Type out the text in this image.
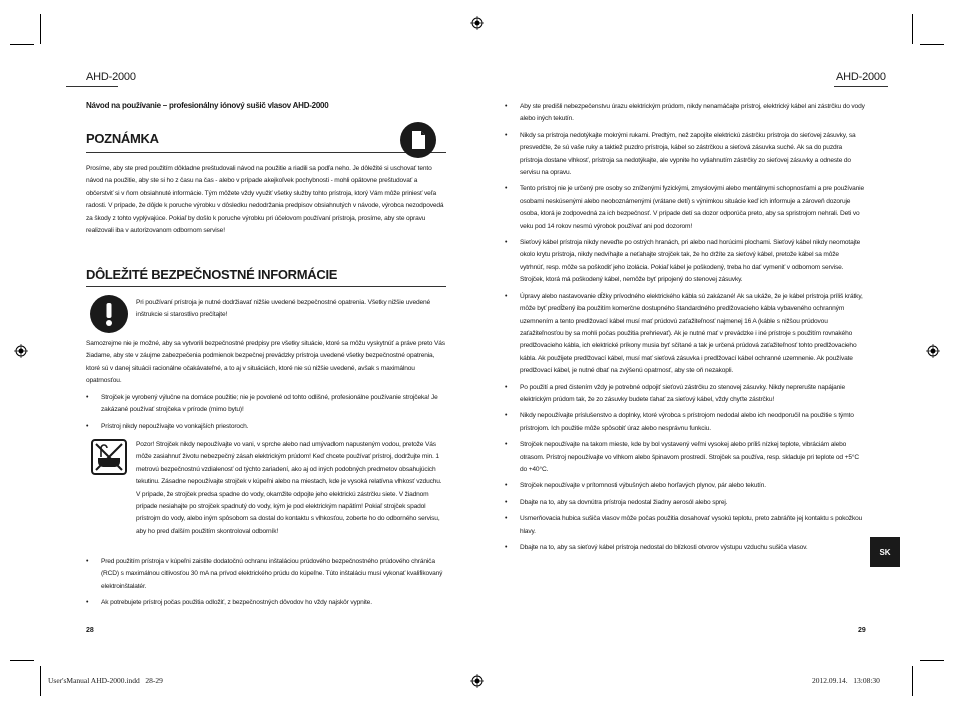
AHD-2000	AHD-2000
Návod na používanie – profesionálny iónový sušič vlasov AHD-2000
POZNÁMKA
Prosíme, aby ste pred použitím dôkladne preštudovali návod na použitie a riadili sa podľa neho. Je dôležité si uschovať tento návod na použitie, aby ste si ho z času na čas - alebo v prípade akejkoľvek pochybnosti - mohli opätovne preštudovať a občerstviť si v ňom obsiahnuté informácie. Tým môžete vždy využiť všetky služby tohto prístroja, ktorý Vám môže priniesť veľa radosti. V prípade, že dôjde k poruche výrobku v dôsledku nedodržania predpisov obsiahnutých v návode, výrobca nezodpovedá za škody z tohto vyplývajúce. Pokiaľ by došlo k poruche výrobku pri účelovom používaní prístroja, prosíme, aby ste opravu realizovali iba v autorizovanom odbornom servise!
DÔLEŽITÉ BEZPEČNOSTNÉ INFORMÁCIE
Pri používaní prístroja je nutné dodržiavať nižšie uvedené bezpečnostné opatrenia. Všetky nižšie uvedené inštrukcie si starostlivo prečítajte!
Samozrejme nie je možné, aby sa vytvorili bezpečnostné predpisy pre všetky situácie, ktoré sa môžu vyskytnúť a práve preto Vás žiadame, aby ste v záujme zabezpečenia podmienok bezpečnej prevádzky prístroja uvedené všetky bezpečnostné opatrenia, ktoré sú v danej situácii racionálne očakávateľné, a to aj v situáciách, ktoré nie sú nižšie uvedené, avšak s maximálnou opatrnosťou.
• Strojček je vyrobený výlučne na domáce použitie; nie je povolené od tohto odlišné, profesionálne používanie strojčeka! Je zakázané používať strojčeka v prírode (mimo bytu)!
• Prístroj nikdy nepoužívajte vo vonkajších priestoroch.
Pozor! Strojček nikdy nepoužívajte vo vani, v sprche alebo nad umývadlom napusteným vodou, pretože Vás môže zasiahnuť životu nebezpečný zásah elektrickým prúdom! Keď chcete používať prístroj, dodržujte min. 1 metrovú bezpečnostnú vzdialenosť od týchto zariadení, ako aj od iných podobných predmetov obsahujúcich tekutinu. Zásadne nepoužívajte strojček v kúpeľni alebo na miestach, kde je vysoká relatívna vlhkosť vzduchu. V prípade, že strojček predsa spadne do vody, okamžite odpojte jeho elektrickú zástrčku siete. V žiadnom prípade nesiahajte po strojček spadnutý do vody, kým je pod elektrickým napätím! Pokiaľ strojček spadol prístrojm do vody, alebo iným spôsobom sa dostal do kontaktu s vlhkosťou, zoberte ho do odborného servisu, aby ho pred ďalším použitím skontroloval odborník!
• Pred použitím prístroja v kúpeľni zaistite dodatočnú ochranu inštaláciou prúdového bezpečnostného prúdového chrániča (RCD) s maximálnou citlivosťou 30 mA na prívod elektrického prúdu do kúpeľne. Túto inštaláciu musí vykonať kvalifikovaný elektroinštalatér.
• Ak potrebujete prístroj počas použitia odložiť, z bezpečnostných dôvodov ho vždy najskôr vypnite.
28
• Aby ste predišli nebezpečenstvu úrazu elektrickým prúdom, nikdy nenamáčajte prístroj, elektrický kábel ani zástrčku do vody alebo iných tekutín.
• Nikdy sa prístroja nedotýkajte mokrými rukami. Predtým, než zapojíte elektrickú zástrčku prístroja do sieťovej zásuvky, sa presvedčte, že sú vaše ruky a taktiež puzdro prístroja, kábel so zástrčkou a sieťová zásuvka suché. Ak sa do puzdra prístroja dostane vlhkosť, prístroja sa nedotýkajte, ale vypnite ho vytiahnutím zástrčky zo sieťovej zásuvky a odneste do servisu na opravu.
• Tento prístroj nie je určený pre osoby so zníženými fyzickými, zmyslovými alebo mentálnymi schopnosťami a pre používanie osobami neskúsenými alebo neoboznámenými (vrátane detí) s výnimkou situácie keď ich informuje a zároveň dozoruje osoba, ktorá je zodpovedná za ich bezpečnosť. V prípade detí sa dozor odporúča preto, aby sa spristrojom nehrali. Deti vo veku pod 14 rokov nesmú výrobok používať ani pod dozorom!
• Sieťový kábel prístroja nikdy neveďte po ostrých hranách, pri alebo nad horúcimi plochami. Sieťový kábel nikdy neomotajte okolo krytu prístroja, nikdy nedvíhajte a neťahajte strojček tak, že ho držíte za sieťový kábel, pretože kábel sa môže vytrhnúť, resp. môže sa poškodiť jeho izolácia. Pokiaľ kábel je poškodený, treba ho dať vymeniť v odbornom servise. Strojček, ktorá má poškodený kábel, nemôže byť pripojený do stenovej zásuvky.
• Úpravy alebo nastavovanie dĺžky prívodného elektrického kábla sú zakázané! Ak sa ukáže, že je kábel prístroja príliš krátky, môže byť predĺžený iba použitím komerčne dostupného štandardného predlžovacieho kábla vybaveného ochranným uzemnením a tento predlžovací kábel musí mať prúdovú zaťažiteľnosť najmenej 16 A (káble s nižšou prúdovou zaťažiteľnosťou by sa mohli počas použitia prehrievať). Ak je nutné mať v prevádzke i iné prístroje s použitím rovnakého predlžovacieho kábla, ich elektrické príkony musia byť sčítané a tak je určená prúdová zaťažiteľnosť tohto predlžovacieho kábla. Ak použijete predlžovací kábel, musí mať sieťová zásuvka i predlžovací kábel ochranné uzemnenie. Ak používate predlžovací kábel, je nutné dbať na zvýšenú opatrnosť, aby ste oň nezakopli.
• Po použití a pred čistením vždy je potrebné odpojiť sieťovú zástrčku zo stenovej zásuvky. Nikdy neprerušte napájanie elektrickým prúdom tak, že zo zásuvky budete ťahať za sieťový kábel, vždy chyťte zástrčku!
• Nikdy nepoužívajte príslušenstvo a doplnky, ktoré výrobca s prístrojom nedodal alebo ich neodporučil na použitie s týmto prístrojom. Ich použitie môže spôsobiť úraz alebo nesprávnu funkciu.
• Strojček nepoužívajte na takom mieste, kde by bol vystavený veľmi vysokej alebo príliš nízkej teplote, vibráciám alebo otrasom. Prístroj nepoužívajte vo vlhkom alebo špinavom prostredí. Strojček sa používa, resp. skladuje pri teplote od +5°C do +40°C.
• Strojček nepoužívajte v prítomnosti výbušných alebo horľavých plynov, pár alebo tekutín.
• Dbajte na to, aby sa dovnútra prístroja nedostal žiadny aerosól alebo sprej.
• Usmerňovacia hubica sušiča vlasov môže počas použitia dosahovať vysokú teplotu, preto zabráňte jej kontaktu s pokožkou hlavy.
• Dbajte na to, aby sa sieťový kábel prístroja nedostal do blízkosti otvorov výstupu vzduchu sušiča vlasov.	SK
29
User'sManual AHD-2000.indd   28-29	2012.09.14.   13:08:30
